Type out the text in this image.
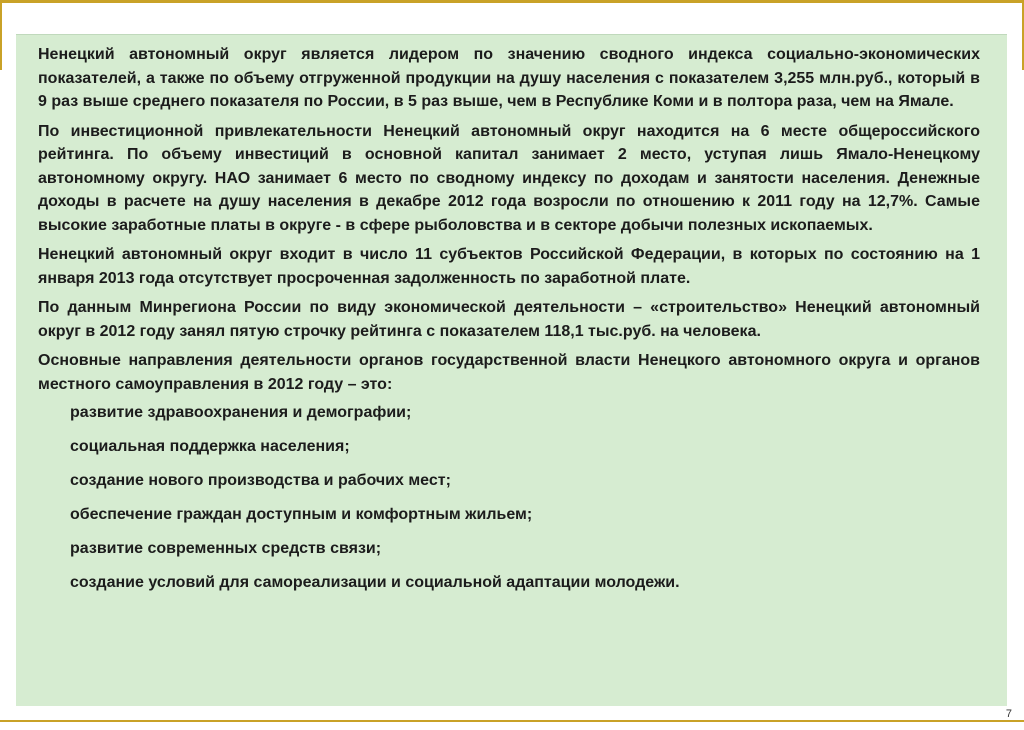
Ненецкий автономный округ является лидером по значению сводного индекса социально-экономических показателей, а также по объему отгруженной продукции на душу населения с показателем 3,255 млн.руб., который в 9 раз выше среднего показателя по России, в 5 раз выше, чем в Республике Коми и в полтора раза, чем на Ямале.

По инвестиционной привлекательности Ненецкий автономный округ находится на 6 месте общероссийского рейтинга. По объему инвестиций в основной капитал занимает 2 место, уступая лишь Ямало-Ненецкому автономному округу. НАО занимает 6 место по сводному индексу по доходам и занятости населения. Денежные доходы в расчете на душу населения в декабре 2012 года возросли по отношению к 2011 году на 12,7%. Самые высокие заработные платы в округе - в сфере рыболовства и в секторе добычи полезных ископаемых.

Ненецкий автономный округ входит в число 11 субъектов Российской Федерации, в которых по состоянию на 1 января 2013 года отсутствует просроченная задолженность по заработной плате.

По данным Минрегиона России по виду экономической деятельности – «строительство» Ненецкий автономный округ в 2012 году занял пятую строчку рейтинга с показателем 118,1 тыс.руб. на человека.

Основные направления деятельности органов государственной власти Ненецкого автономного округа и органов местного самоуправления в 2012 году – это:

развитие здравоохранения и демографии;
социальная поддержка населения;
создание нового производства и рабочих мест;
обеспечение граждан доступным и комфортным жильем;
развитие современных средств связи;
создание условий для самореализации и социальной адаптации молодежи.
7
